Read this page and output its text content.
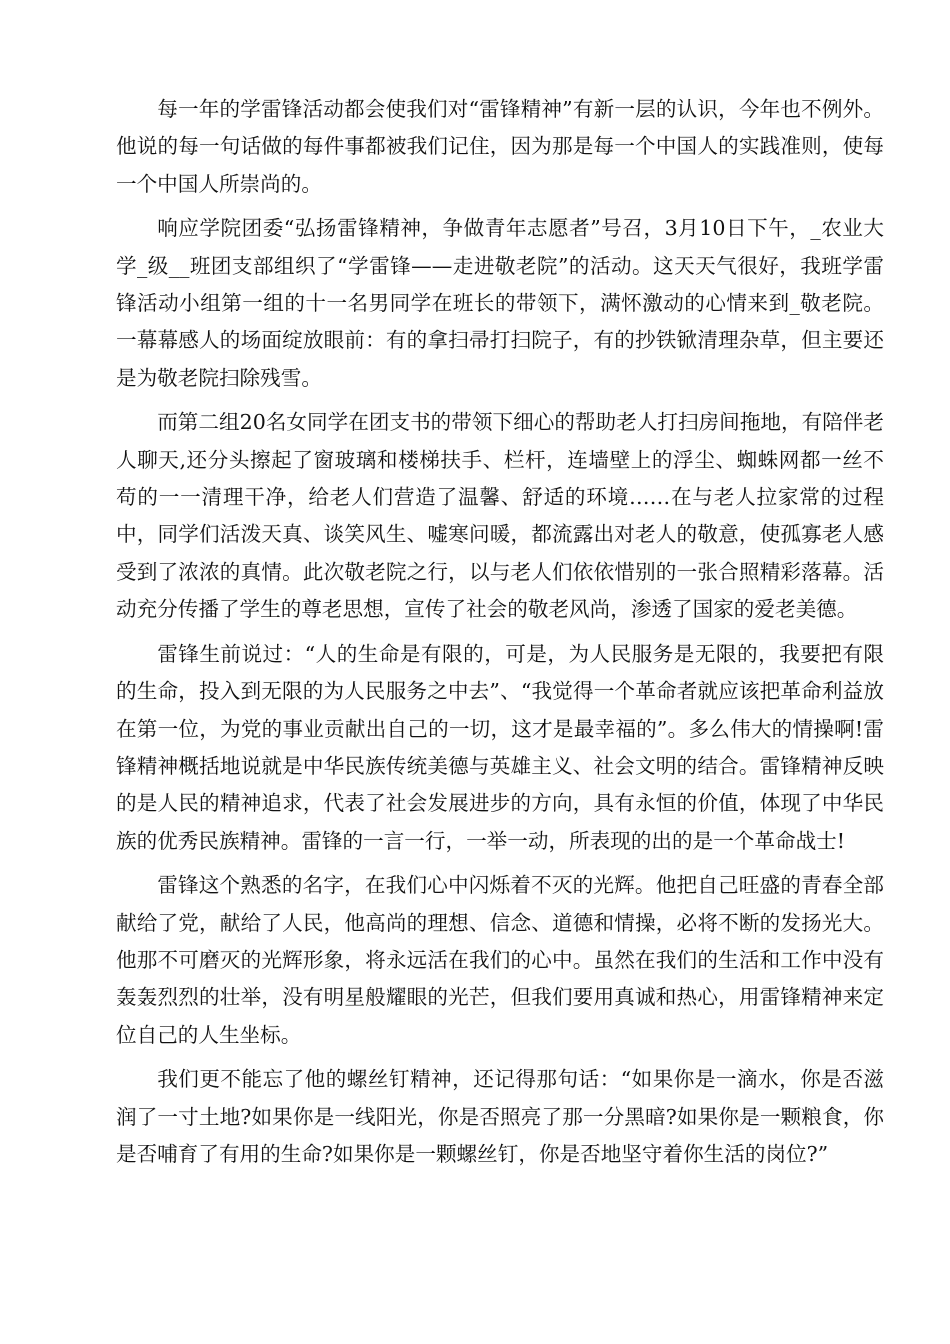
每一年的学雷锋活动都会使我们对“雷锋精神”有新一层的认识，今年也不例外。他说的每一句话做的每件事都被我们记住，因为那是每一个中国人的实践准则，使每一个中国人所崇尚的。

响应学院团委“弘扬雷锋精神，争做青年志愿者”号召，3月10日下午，_农业大学_级__班团支部组织了“学雷锋——走进敬老院”的活动。这天天气很好，我班学雷锋活动小组第一组的十一名男同学在班长的带领下，满怀激动的心情来到_敬老院。一幕幕感人的场面绽放眼前：有的拿扫帚打扫院子，有的抄铁锨清理杂草，但主要还是为敬老院扫除残雪。

而第二组20名女同学在团支书的带领下细心的帮助老人打扫房间拖地，有陪伴老人聊天,还分头擦起了窗玻璃和楼梯扶手、栏杆，连墙壁上的浮尘、蜘蛛网都一丝不苟的一一清理干净，给老人们营造了温馨、舒适的环境……在与老人拉家常的过程中，同学们活泼天真、谈笑风生、嘘寒问暖，都流露出对老人的敬意，使孤寡老人感受到了浓浓的真情。此次敬老院之行，以与老人们依依惜别的一张合照精彩落幕。活动充分传播了学生的尊老思想，宣传了社会的敬老风尚，渗透了国家的爱老美德。

雷锋生前说过：“人的生命是有限的，可是，为人民服务是无限的，我要把有限的生命，投入到无限的为人民服务之中去”、“我觉得一个革命者就应该把革命利益放在第一位，为党的事业贡献出自己的一切，这才是最幸福的”。多么伟大的情操啊!雷锋精神概括地说就是中华民族传统美德与英雄主义、社会文明的结合。雷锋精神反映的是人民的精神追求，代表了社会发展进步的方向，具有永恒的价值，体现了中华民族的优秀民族精神。雷锋的一言一行，一举一动，所表现的出的是一个革命战士!

雷锋这个熟悉的名字，在我们心中闪烁着不灭的光辉。他把自己旺盛的青春全部献给了党，献给了人民，他高尚的理想、信念、道德和情操，必将不断的发扬光大。他那不可磨灭的光辉形象，将永远活在我们的心中。虽然在我们的生活和工作中没有轰轰烈烈的壮举，没有明星般耀眼的光芒，但我们要用真诚和热心，用雷锋精神来定位自己的人生坐标。

我们更不能忘了他的螺丝钉精神，还记得那句话：“如果你是一滴水，你是否滋润了一寸土地?如果你是一线阳光，你是否照亮了那一分黑暗?如果你是一颗粮食，你是否哺育了有用的生命?如果你是一颗螺丝钉，你是否地坚守着你生活的岗位?”
